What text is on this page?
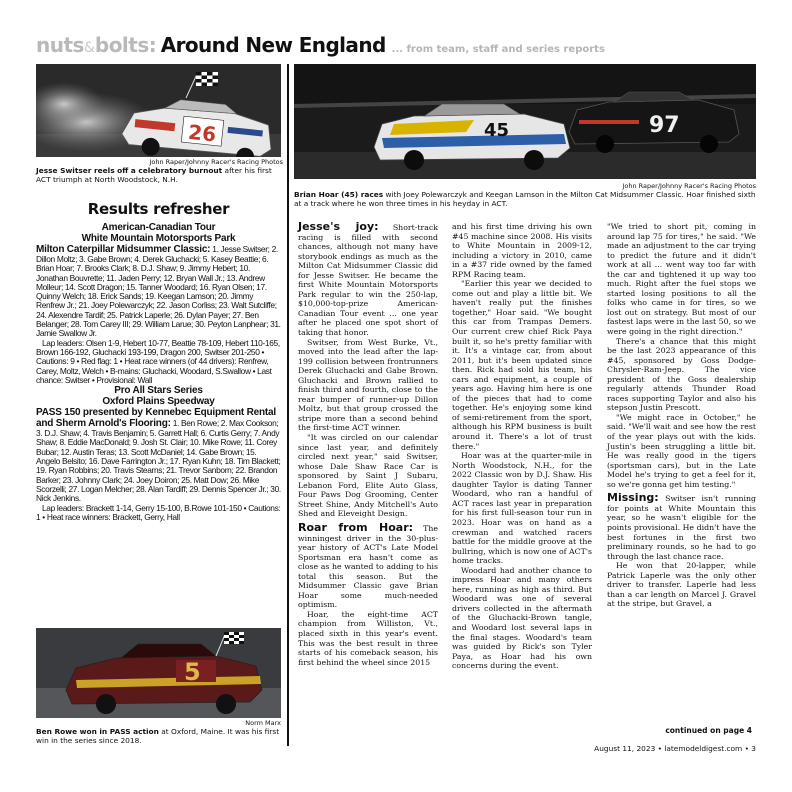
nuts&bolts: Around New England ... from team, staff and series reports
26
John Raper/Johnny Racer's Racing Photos
Jesse Switser reels off a celebratory burnout after his first ACT triumph at North Woodstock, N.H.
45	97
John Raper/Johnny Racer's Racing Photos
Brian Hoar (45) races with Joey Polewarczyk and Keegan Lamson in the Milton Cat Midsummer Classic. Hoar finished sixth at a track where he won three times in his heyday in ACT.
Results refresher
American-Canadian Tour
White Mountain Motorsports Park

Milton Caterpillar Midsummer Classic: 1. Jesse Switser; 2. Dillon Moltz; 3. Gabe Brown; 4. Derek Gluchacki; 5. Kasey Beattie; 6. Brian Hoar; 7. Brooks Clark; 8. D.J. Shaw; 9. Jimmy Hebert; 10. Jonathan Bouvrette; 11. Jaden Perry; 12. Bryan Wall Jr.; 13. Andrew Molleur; 14. Scott Dragon; 15. Tanner Woodard; 16. Ryan Olsen; 17. Quinny Welch; 18. Erick Sands; 19. Keegan Lamson; 20. Jimmy Renfrew Jr.; 21. Joey Polewarczyk; 22. Jason Corliss; 23. Walt Sutcliffe; 24. Alexendre Tardif; 25. Patrick Laperle; 26. Dylan Payer; 27. Ben Belanger; 28. Tom Carey III; 29. William Larue; 30. Peyton Lanphear; 31. Jamie Swallow Jr.

Lap leaders: Olsen 1-9, Hebert 10-77, Beattie 78-109, Hebert 110-165, Brown 166-192, Gluchacki 193-199, Dragon 200, Switser 201-250 • Cautions: 9 • Red flag: 1 • Heat race winners (of 44 drivers): Renfrew, Carey, Moltz, Welch • B-mains: Gluchacki, Woodard, S.Swallow • Last chance: Switser • Provisional: Wall

Pro All Stars Series
Oxford Plains Speedway

PASS 150 presented by Kennebec Equipment Rental and Sherm Arnold's Flooring: 1. Ben Rowe; 2. Max Cookson; 3. D.J. Shaw; 4. Travis Benjamin; 5. Garrett Hall; 6. Curtis Gerry; 7. Andy Shaw; 8. Eddie MacDonald; 9. Josh St. Clair; 10. Mike Rowe; 11. Corey Bubar; 12. Austin Teras; 13. Scott McDaniel; 14. Gabe Brown; 15. Angelo Belsito; 16. Dave Farrington Jr.; 17. Ryan Kuhn; 18. Tim Blackett; 19. Ryan Robbins; 20. Travis Stearns; 21. Trevor Sanborn; 22. Brandon Barker; 23. Johnny Clark; 24. Joey Doiron; 25. Matt Dow; 26. Mike Scorzelli; 27. Logan Melcher; 28. Alan Tardiff; 29. Dennis Spencer Jr.; 30. Nick Jenkins.

Lap leaders: Brackett 1-14, Gerry 15-100, B.Rowe 101-150 • Cautions: 1 • Heat race winners: Brackett, Gerry, Hall

5
Norm Marx
Ben Rowe won in PASS action at Oxford, Maine. It was his first win in the series since 2018.

Jesse's joy: Short-track racing is filled with second chances, although not many have storybook endings as much as the Milton Cat Midsummer Classic did for Jesse Switser. He became the first White Mountain Motorsports Park regular to win the 250-lap, $10,000-top-prize American-Canadian Tour event ... one year after he placed one spot short of taking that honor.

Switser, from West Burke, Vt., moved into the lead after the lap-199 collision between frontrunners Derek Gluchacki and Gabe Brown. Gluchacki and Brown rallied to finish third and fourth, close to the rear bumper of runner-up Dillon Moltz, but that group crossed the stripe more than a second behind the first-time ACT winner.

"It was circled on our calendar since last year, and definitely circled next year," said Switser, whose Dale Shaw Race Car is sponsored by Saint J Subaru, Lebanon Ford, Elite Auto Glass, Four Paws Dog Grooming, Center Street Shine, Andy Mitchell's Auto Shed and Eleveight Design.

Roar from Hoar: The winningest driver in the 30-plus-year history of ACT's Late Model Sportsman era hasn't come as close as he wanted to adding to his total this season. But the Midsummer Classic gave Brian Hoar some much-needed optimism.

Hoar, the eight-time ACT champion from Williston, Vt., placed sixth in this year's event. This was the best result in three starts of his comeback season, his first behind the wheel since 2015

and his first time driving his own #45 machine since 2008. His visits to White Mountain in 2009-12, including a victory in 2010, came in a #37 ride owned by the famed RPM Racing team.

"Earlier this year we decided to come out and play a little bit. We haven't really put the finishes together," Hoar said. "We bought this car from Trampas Demers. Our current crew chief Rick Paya built it, so he's pretty familiar with it. It's a vintage car, from about 2011, but it's been updated since then. Rick had sold his team, his cars and equipment, a couple of years ago. Having him here is one of the pieces that had to come together. He's enjoying some kind of semi-retirement from the sport, although his RPM business is built around it. There's a lot of trust there."

Hoar was at the quarter-mile in North Woodstock, N.H., for the 2022 Classic won by D.J. Shaw. His daughter Taylor is dating Tanner Woodard, who ran a handful of ACT races last year in preparation for his first full-season tour run in 2023. Hoar was on hand as a crewman and watched racers battle for the middle groove at the bullring, which is now one of ACT's home tracks.

Woodard had another chance to impress Hoar and many others here, running as high as third. But Woodard was one of several drivers collected in the aftermath of the Gluchacki-Brown tangle, and Woodard lost several laps in the final stages. Woodard's team was guided by Rick's son Tyler Paya, as Hoar had his own concerns during the event.

"We tried to short pit, coming in around lap 75 for tires," he said. "We made an adjustment to the car trying to predict the future and it didn't work at all ... went way too far with the car and tightened it up way too much. Right after the fuel stops we started losing positions to all the folks who came in for tires, so we lost out on strategy. But most of our fastest laps were in the last 50, so we were going in the right direction."

There's a chance that this might be the last 2023 appearance of this #45, sponsored by Goss Dodge-Chrysler-Ram-Jeep. The vice president of the Goss dealership regularly attends Thunder Road races supporting Taylor and also his stepson Justin Prescott.

"We might race in October," he said. "We'll wait and see how the rest of the year plays out with the kids. Justin's been struggling a little bit. He was really good in the tigers (sportsman cars), but in the Late Model he's trying to get a feel for it, so we're gonna get him testing."

Missing: Switser isn't running for points at White Mountain this year, so he wasn't eligible for the points provisional. He didn't have the best fortunes in the first two preliminary rounds, so he had to go through the last chance race.

He won that 20-lapper, while Patrick Laperle was the only other driver to transfer. Laperle had less than a car length on Marcel J. Gravel at the stripe, but Gravel, a

continued on page 4
August 11, 2023 • latemodeldigest.com • 3
